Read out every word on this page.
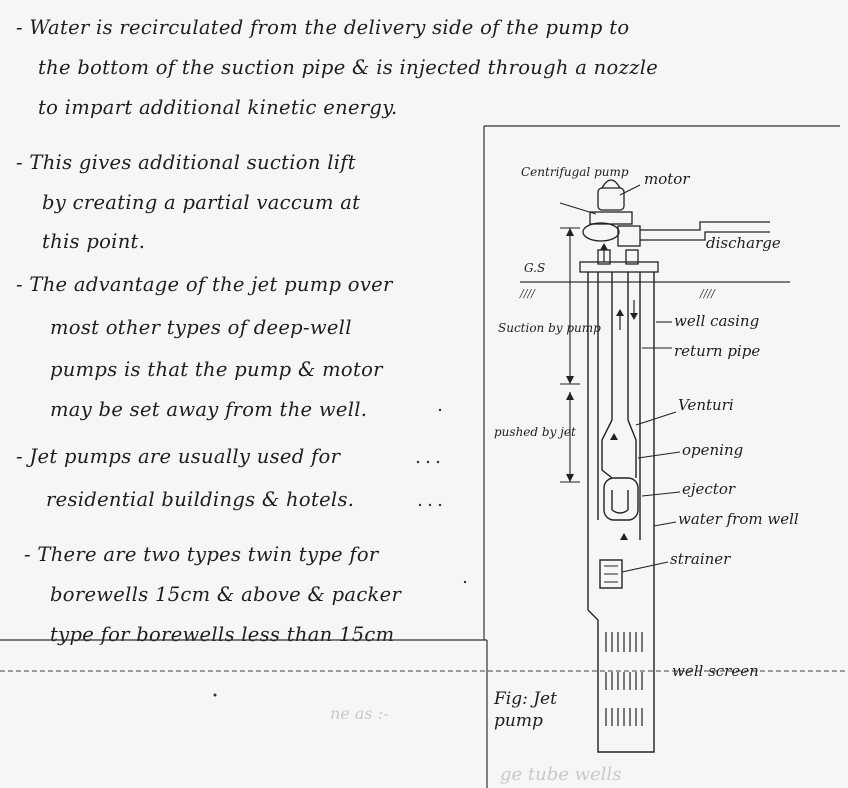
- Water is recirculated from the delivery side of the pump to
the bottom of the suction pipe & is injected through a nozzle
to impart additional kinetic energy.
- This gives additional suction lift
by creating a partial vaccum at
this point.
- The advantage of the jet pump over
most other types of deep-well
pumps is that the pump & motor
may be set away from the well.
- Jet pumps are usually used for
residential buildings & hotels.
- There are two types twin type for
borewells 15cm & above & packer
type for borewells less than 15cm
////	////
Centrifugal pump motor
discharge
G.S
Suction by pump
pushed by jet
well casing
return pipe
Venturi
opening
ejector
water from well
strainer
well screen
Fig: Jet pump
ne as :-
ge tube wells
